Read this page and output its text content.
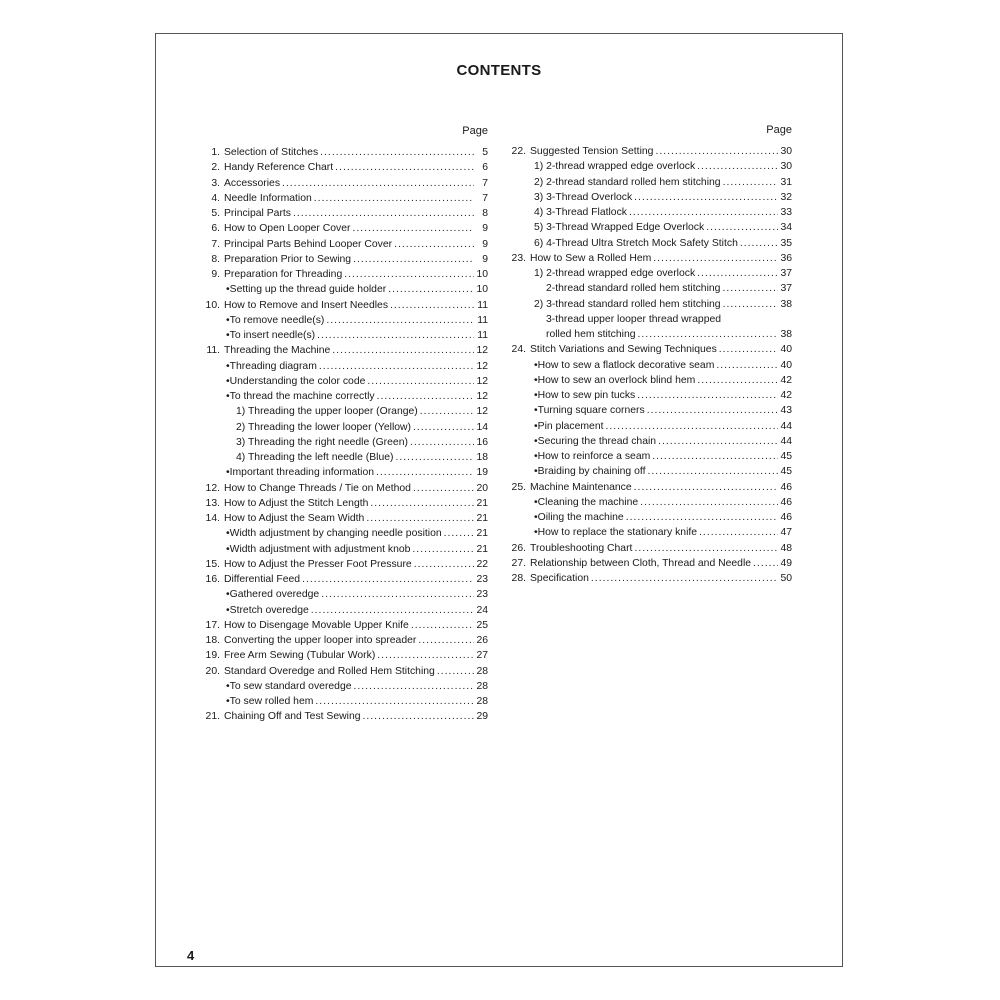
CONTENTS
Page
1. Selection of Stitches .....	5
2. Handy Reference Chart .....	6
3. Accessories .....	7
4. Needle Information .....	7
5. Principal Parts .....	8
6. How to Open Looper Cover .....	9
7. Principal Parts Behind Looper Cover .....	9
8. Preparation Prior to Sewing .....	9
9. Preparation for Threading .....	10
•Setting up the thread guide holder .....	10
10. How to Remove and Insert Needles .....	11
•To remove needle(s) .....	11
•To insert needle(s) .....	11
11. Threading the Machine .....	12
•Threading diagram .....	12
•Understanding the color code .....	12
•To thread the machine correctly .....	12
1) Threading the upper looper (Orange) .....	12
2) Threading the lower looper (Yellow) .....	14
3) Threading the right needle (Green) .....	16
4) Threading the left needle (Blue) .....	18
•Important threading information .....	19
12. How to Change Threads / Tie on Method .....	20
13. How to Adjust the Stitch Length .....	21
14. How to Adjust the Seam Width .....	21
•Width adjustment by changing needle position .....	21
•Width adjustment with adjustment knob .....	21
15. How to Adjust the Presser Foot Pressure .....	22
16. Differential Feed .....	23
•Gathered overedge .....	23
•Stretch overedge .....	24
17. How to Disengage Movable Upper Knife .....	25
18. Converting the upper looper into spreader .....	26
19. Free Arm Sewing (Tubular Work) .....	27
20. Standard Overedge and Rolled Hem Stitching .....	28
•To sew standard overedge .....	28
•To sew rolled hem .....	28
21. Chaining Off and Test Sewing .....	29
Page
22. Suggested Tension Setting .....	30
1) 2-thread wrapped edge overlock .....	30
2) 2-thread standard rolled hem stitching .....	31
3) 3-Thread Overlock .....	32
4) 3-Thread Flatlock .....	33
5) 3-Thread Wrapped Edge Overlock .....	34
6) 4-Thread Ultra Stretch Mock Safety Stitch .....	35
23. How to Sew a Rolled Hem .....	36
1) 2-thread wrapped edge overlock .....	37
2-thread standard rolled hem stitching .....	37
2) 3-thread standard rolled hem stitching .....	38
3-thread upper looper thread wrapped
rolled hem stitching .....	38
24. Stitch Variations and Sewing Techniques .....	40
•How to sew a flatlock decorative seam .....	40
•How to sew an overlock blind hem .....	42
•How to sew pin tucks .....	42
•Turning square corners .....	43
•Pin placement .....	44
•Securing the thread chain .....	44
•How to reinforce a seam .....	45
•Braiding by chaining off .....	45
25. Machine Maintenance .....	46
•Cleaning the machine .....	46
•Oiling the machine .....	46
•How to replace the stationary knife .....	47
26. Troubleshooting Chart .....	48
27. Relationship between Cloth, Thread and Needle .....	49
28. Specification .....	50
4
